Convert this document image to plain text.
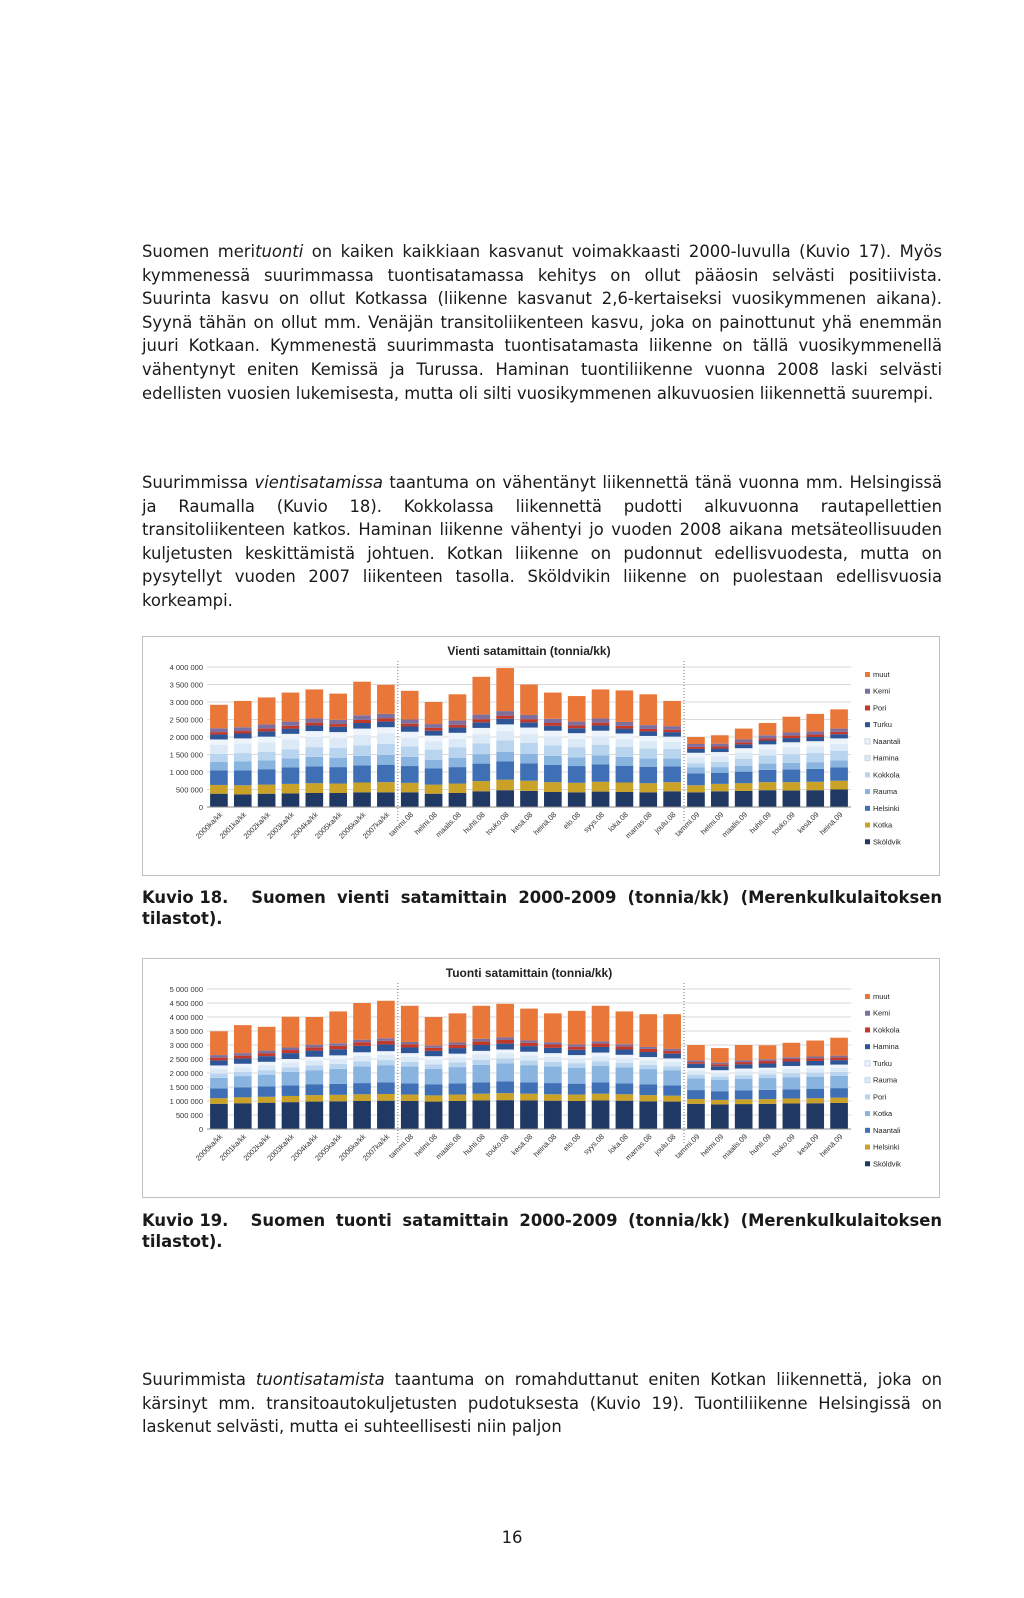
Suomen merituonti on kaiken kaikkiaan kasvanut voimakkaasti 2000-luvulla (Kuvio 17). Myös kymmenessä suurimmassa tuontisatamassa kehitys on ollut pääosin selvästi positiivista. Suurinta kasvu on ollut Kotkassa (liikenne kasvanut 2,6-kertaiseksi vuosikymmenen aikana). Syynä tähän on ollut mm. Venäjän transitoliikenteen kasvu, joka on painottunut yhä enemmän juuri Kotkaan. Kymmenestä suurimmasta tuontisatamasta liikenne on tällä vuosikymmenellä vähentynyt eniten Kemissä ja Turussa. Haminan tuontiliikenne vuonna 2008 laski selvästi edellisten vuosien lukemisesta, mutta oli silti vuosikymmenen alkuvuosien liikennettä suurempi.

Suurimmissa vientisatamissa taantuma on vähentänyt liikennettä tänä vuonna mm. Helsingissä ja Raumalla (Kuvio 18). Kokkolassa liikennettä pudotti alkuvuonna rautapellettien transitoliikenteen katkos. Haminan liikenne vähentyi jo vuoden 2008 aikana metsäteollisuuden kuljetusten keskittämistä johtuen. Kotkan liikenne on pudonnut edellisvuodesta, mutta on pysytellyt vuoden 2007 liikenteen tasolla. Sköldvikin liikenne on puolestaan edellisvuosia korkeampi.

Vienti satamittain (tonnia/kk)
0
500 000
1 000 000
1 500 000
2 000 000
2 500 000
3 000 000
3 500 000
4 000 000
2000ka/kk
2001ka/kk
2002ka/kk
2003ka/kk
2004ka/kk
2005ka/kk
2006ka/kk
2007ka/kk
tammi.08
helmi.08
maalis.08
huhti.08
touko.08
kesä.08
heinä.08 elo.08 syys.08 loka.08
marras.08
joulu.08
tammi.09
helmi.09
maalis.09
huhti.09
touko.09
kesä.09
heinä.09
muut
Kemi
Pori
Turku
Naantali
Hamina
Kokkola
Rauma
Helsinki
Kotka
Sköldvik

Kuvio 18. Suomen vienti satamittain 2000-2009 (tonnia/kk) (Merenkulkulaitoksen tilastot).

Tuonti satamittain (tonnia/kk)
0
500 000
1 000 000
1 500 000
2 000 000
2 500 000
3 000 000
3 500 000
4 000 000
4 500 000
5 000 000
2000ka/kk
2001ka/kk
2002ka/kk
2003ka/kk
2004ka/kk
2005ka/kk
2006ka/kk
2007ka/kk
tammi.08
helmi.08
maalis.08
huhti.08
touko.08
kesä.08
heinä.08 elo.08 syys.08 loka.08
marras.08
joulu.08
tammi.09
helmi.09
maalis.09
huhti.09
touko.09
kesä.09
heinä.09
muut
Kemi
Kokkola
Hamina
Turku
Rauma
Pori
Kotka
Naantali
Helsinki
Sköldvik

Kuvio 19. Suomen tuonti satamittain 2000-2009 (tonnia/kk) (Merenkulkulaitoksen tilastot).

Suurimmista tuontisatamista taantuma on romahduttanut eniten Kotkan liikennettä, joka on kärsinyt mm. transitoautokuljetusten pudotuksesta (Kuvio 19). Tuontiliikenne Helsingissä on laskenut selvästi, mutta ei suhteellisesti niin paljon

16
